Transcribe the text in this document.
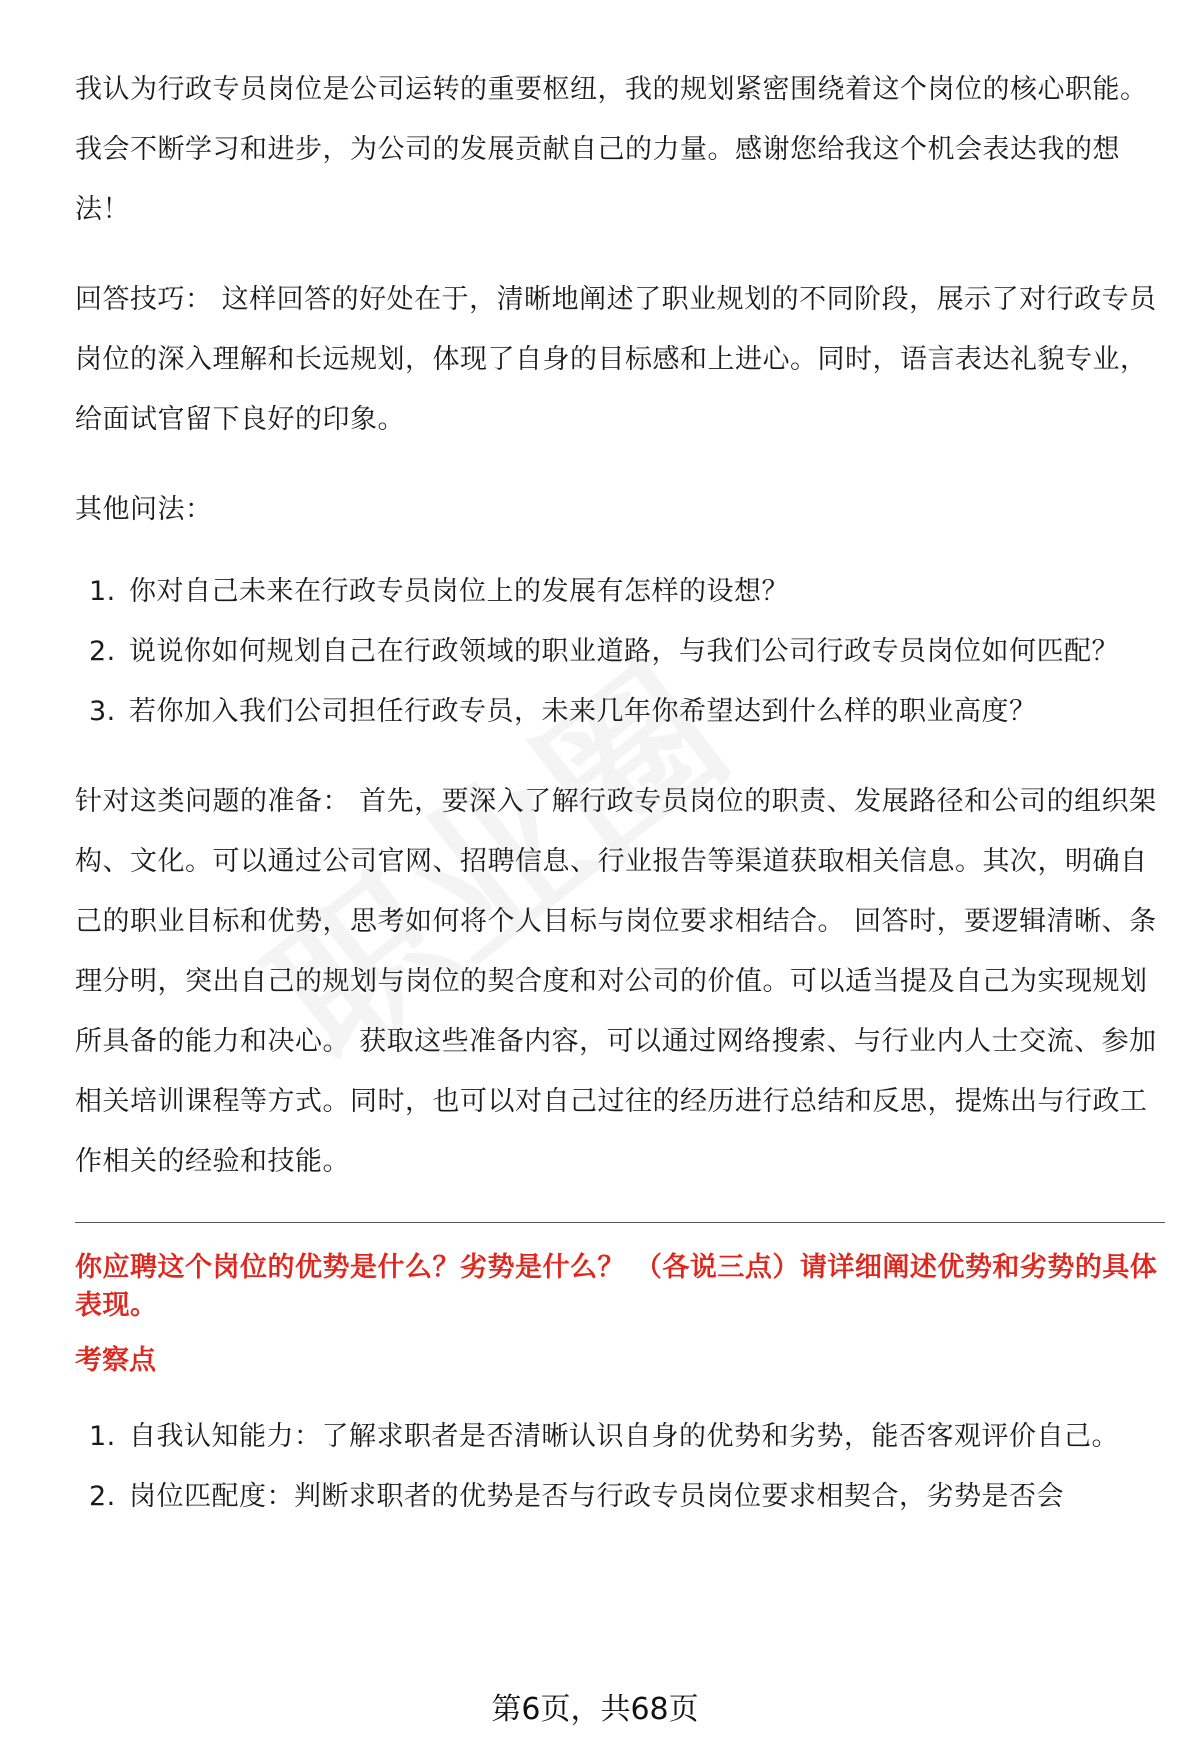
我认为行政专员岗位是公司运转的重要枢纽，我的规划紧密围绕着这个岗位的核心职能。我会不断学习和进步，为公司的发展贡献自己的力量。感谢您给我这个机会表达我的想法！

回答技巧： 这样回答的好处在于，清晰地阐述了职业规划的不同阶段，展示了对行政专员岗位的深入理解和长远规划，体现了自身的目标感和上进心。同时，语言表达礼貌专业，给面试官留下良好的印象。

其他问法：

1. 你对自己未来在行政专员岗位上的发展有怎样的设想？
2. 说说你如何规划自己在行政领域的职业道路，与我们公司行政专员岗位如何匹配？
3. 若你加入我们公司担任行政专员，未来几年你希望达到什么样的职业高度？

针对这类问题的准备： 首先，要深入了解行政专员岗位的职责、发展路径和公司的组织架构、文化。可以通过公司官网、招聘信息、行业报告等渠道获取相关信息。其次，明确自己的职业目标和优势，思考如何将个人目标与岗位要求相结合。 回答时，要逻辑清晰、条理分明，突出自己的规划与岗位的契合度和对公司的价值。可以适当提及自己为实现规划所具备的能力和决心。 获取这些准备内容，可以通过网络搜索、与行业内人士交流、参加相关培训课程等方式。同时，也可以对自己过往的经历进行总结和反思，提炼出与行政工作相关的经验和技能。

你应聘这个岗位的优势是什么？劣势是什么？ （各说三点）请详细阐述优势和劣势的具体表现。

考察点

1. 自我认知能力：了解求职者是否清晰认识自身的优势和劣势，能否客观评价自己。
2. 岗位匹配度：判断求职者的优势是否与行政专员岗位要求相契合，劣势是否会
第6页，共68页
